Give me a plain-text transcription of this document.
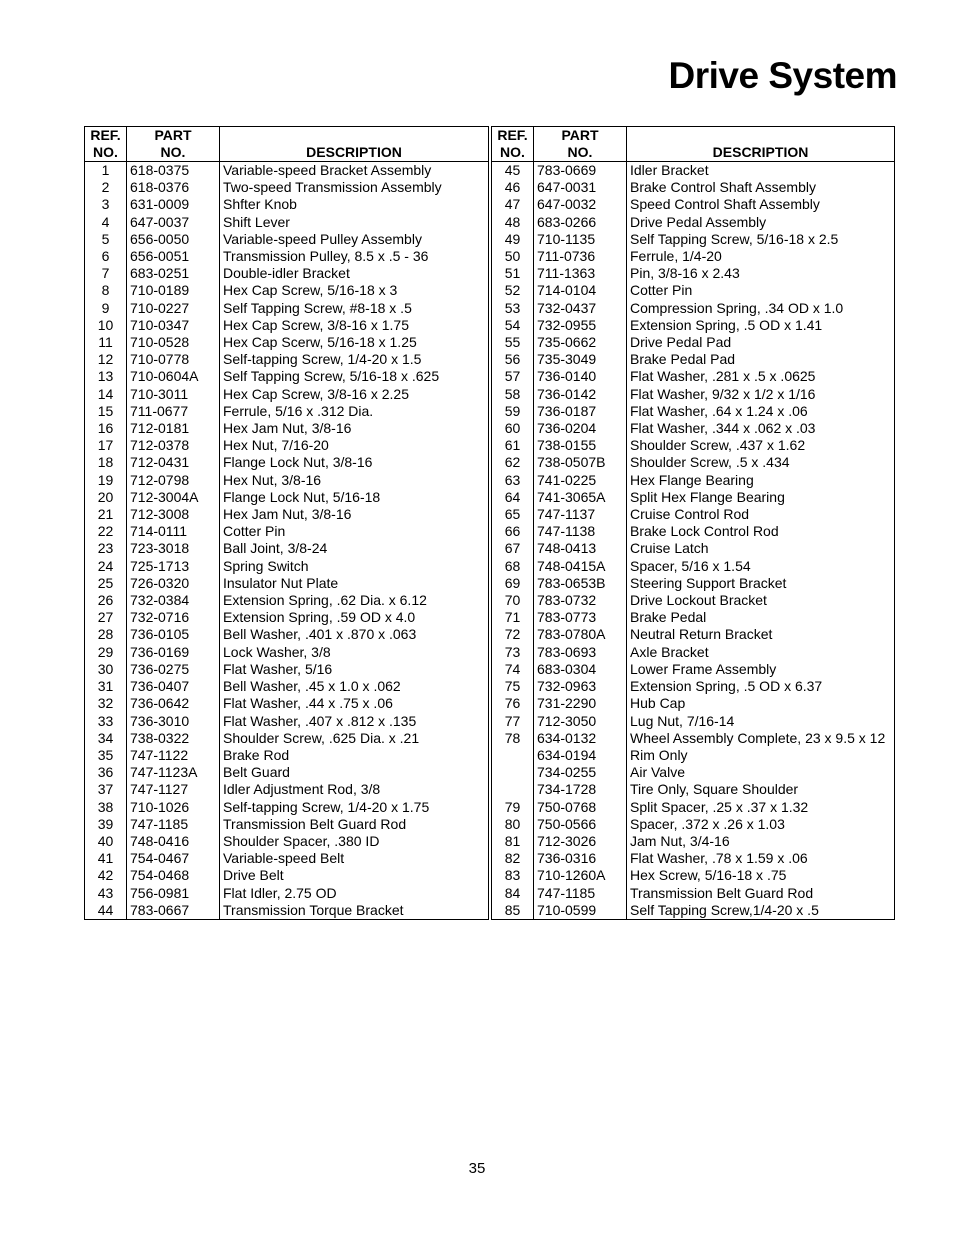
Drive System
REF.
NO.	PART
NO.	DESCRIPTION
1	618-0375	Variable-speed Bracket Assembly
2	618-0376	Two-speed Transmission Assembly
3	631-0009	Shfter Knob
4	647-0037	Shift Lever
5	656-0050	Variable-speed Pulley Assembly
6	656-0051	Transmission Pulley, 8.5 x .5 - 36
7	683-0251	Double-idler Bracket
8	710-0189	Hex Cap Screw, 5/16-18 x 3
9	710-0227	Self Tapping Screw, #8-18 x .5
10	710-0347	Hex Cap Screw, 3/8-16 x 1.75
11	710-0528	Hex Cap Scerw, 5/16-18 x 1.25
12	710-0778	Self-tapping Screw, 1/4-20 x 1.5
13	710-0604A	Self Tapping Screw, 5/16-18 x .625
14	710-3011	Hex Cap Screw, 3/8-16 x 2.25
15	711-0677	Ferrule, 5/16 x .312 Dia.
16	712-0181	Hex Jam Nut, 3/8-16
17	712-0378	Hex Nut, 7/16-20
18	712-0431	Flange Lock Nut, 3/8-16
19	712-0798	Hex Nut, 3/8-16
20	712-3004A	Flange Lock Nut, 5/16-18
21	712-3008	Hex Jam Nut, 3/8-16
22	714-0111	Cotter Pin
23	723-3018	Ball Joint, 3/8-24
24	725-1713	Spring Switch
25	726-0320	Insulator Nut Plate
26	732-0384	Extension Spring, .62 Dia. x 6.12
27	732-0716	Extension Spring, .59 OD x 4.0
28	736-0105	Bell Washer, .401 x .870 x .063
29	736-0169	Lock Washer, 3/8
30	736-0275	Flat Washer, 5/16
31	736-0407	Bell Washer, .45 x 1.0 x .062
32	736-0642	Flat Washer, .44 x .75 x .06
33	736-3010	Flat Washer, .407 x .812 x .135
34	738-0322	Shoulder Screw, .625 Dia. x .21
35	747-1122	Brake Rod
36	747-1123A	Belt Guard
37	747-1127	Idler Adjustment Rod, 3/8
38	710-1026	Self-tapping Screw, 1/4-20 x 1.75
39	747-1185	Transmission Belt Guard Rod
40	748-0416	Shoulder Spacer, .380 ID
41	754-0467	Variable-speed Belt
42	754-0468	Drive Belt
43	756-0981	Flat Idler, 2.75 OD
44	783-0667	Transmission Torque Bracket
REF.
NO.	PART
NO.	DESCRIPTION
45	783-0669	Idler Bracket
46	647-0031	Brake Control Shaft Assembly
47	647-0032	Speed Control Shaft Assembly
48	683-0266	Drive Pedal Assembly
49	710-1135	Self Tapping Screw, 5/16-18 x 2.5
50	711-0736	Ferrule, 1/4-20
51	711-1363	Pin, 3/8-16 x 2.43
52	714-0104	Cotter Pin
53	732-0437	Compression Spring, .34 OD x 1.0
54	732-0955	Extension Spring, .5 OD x 1.41
55	735-0662	Drive Pedal Pad
56	735-3049	Brake Pedal Pad
57	736-0140	Flat Washer, .281 x .5 x .0625
58	736-0142	Flat Washer, 9/32 x 1/2 x 1/16
59	736-0187	Flat Washer, .64 x 1.24 x .06
60	736-0204	Flat Washer, .344 x .062 x .03
61	738-0155	Shoulder Screw, .437 x 1.62
62	738-0507B	Shoulder Screw, .5 x .434
63	741-0225	Hex Flange Bearing
64	741-3065A	Split Hex Flange Bearing
65	747-1137	Cruise Control Rod
66	747-1138	Brake Lock Control Rod
67	748-0413	Cruise Latch
68	748-0415A	Spacer, 5/16 x 1.54
69	783-0653B	Steering Support Bracket
70	783-0732	Drive Lockout Bracket
71	783-0773	Brake Pedal
72	783-0780A	Neutral Return Bracket
73	783-0693	Axle Bracket
74	683-0304	Lower Frame Assembly
75	732-0963	Extension Spring, .5 OD x 6.37
76	731-2290	Hub Cap
77	712-3050	Lug Nut, 7/16-14
78	634-0132	Wheel Assembly Complete, 23 x 9.5 x 12
	634-0194	Rim Only
	734-0255	Air Valve
	734-1728	Tire Only, Square Shoulder
79	750-0768	Split Spacer, .25 x .37 x 1.32
80	750-0566	Spacer, .372 x .26 x 1.03
81	712-3026	Jam Nut, 3/4-16
82	736-0316	Flat Washer, .78 x 1.59 x .06
83	710-1260A	Hex Screw, 5/16-18 x .75
84	747-1185	Transmission Belt Guard Rod
85	710-0599	Self Tapping Screw,1/4-20 x .5

35
